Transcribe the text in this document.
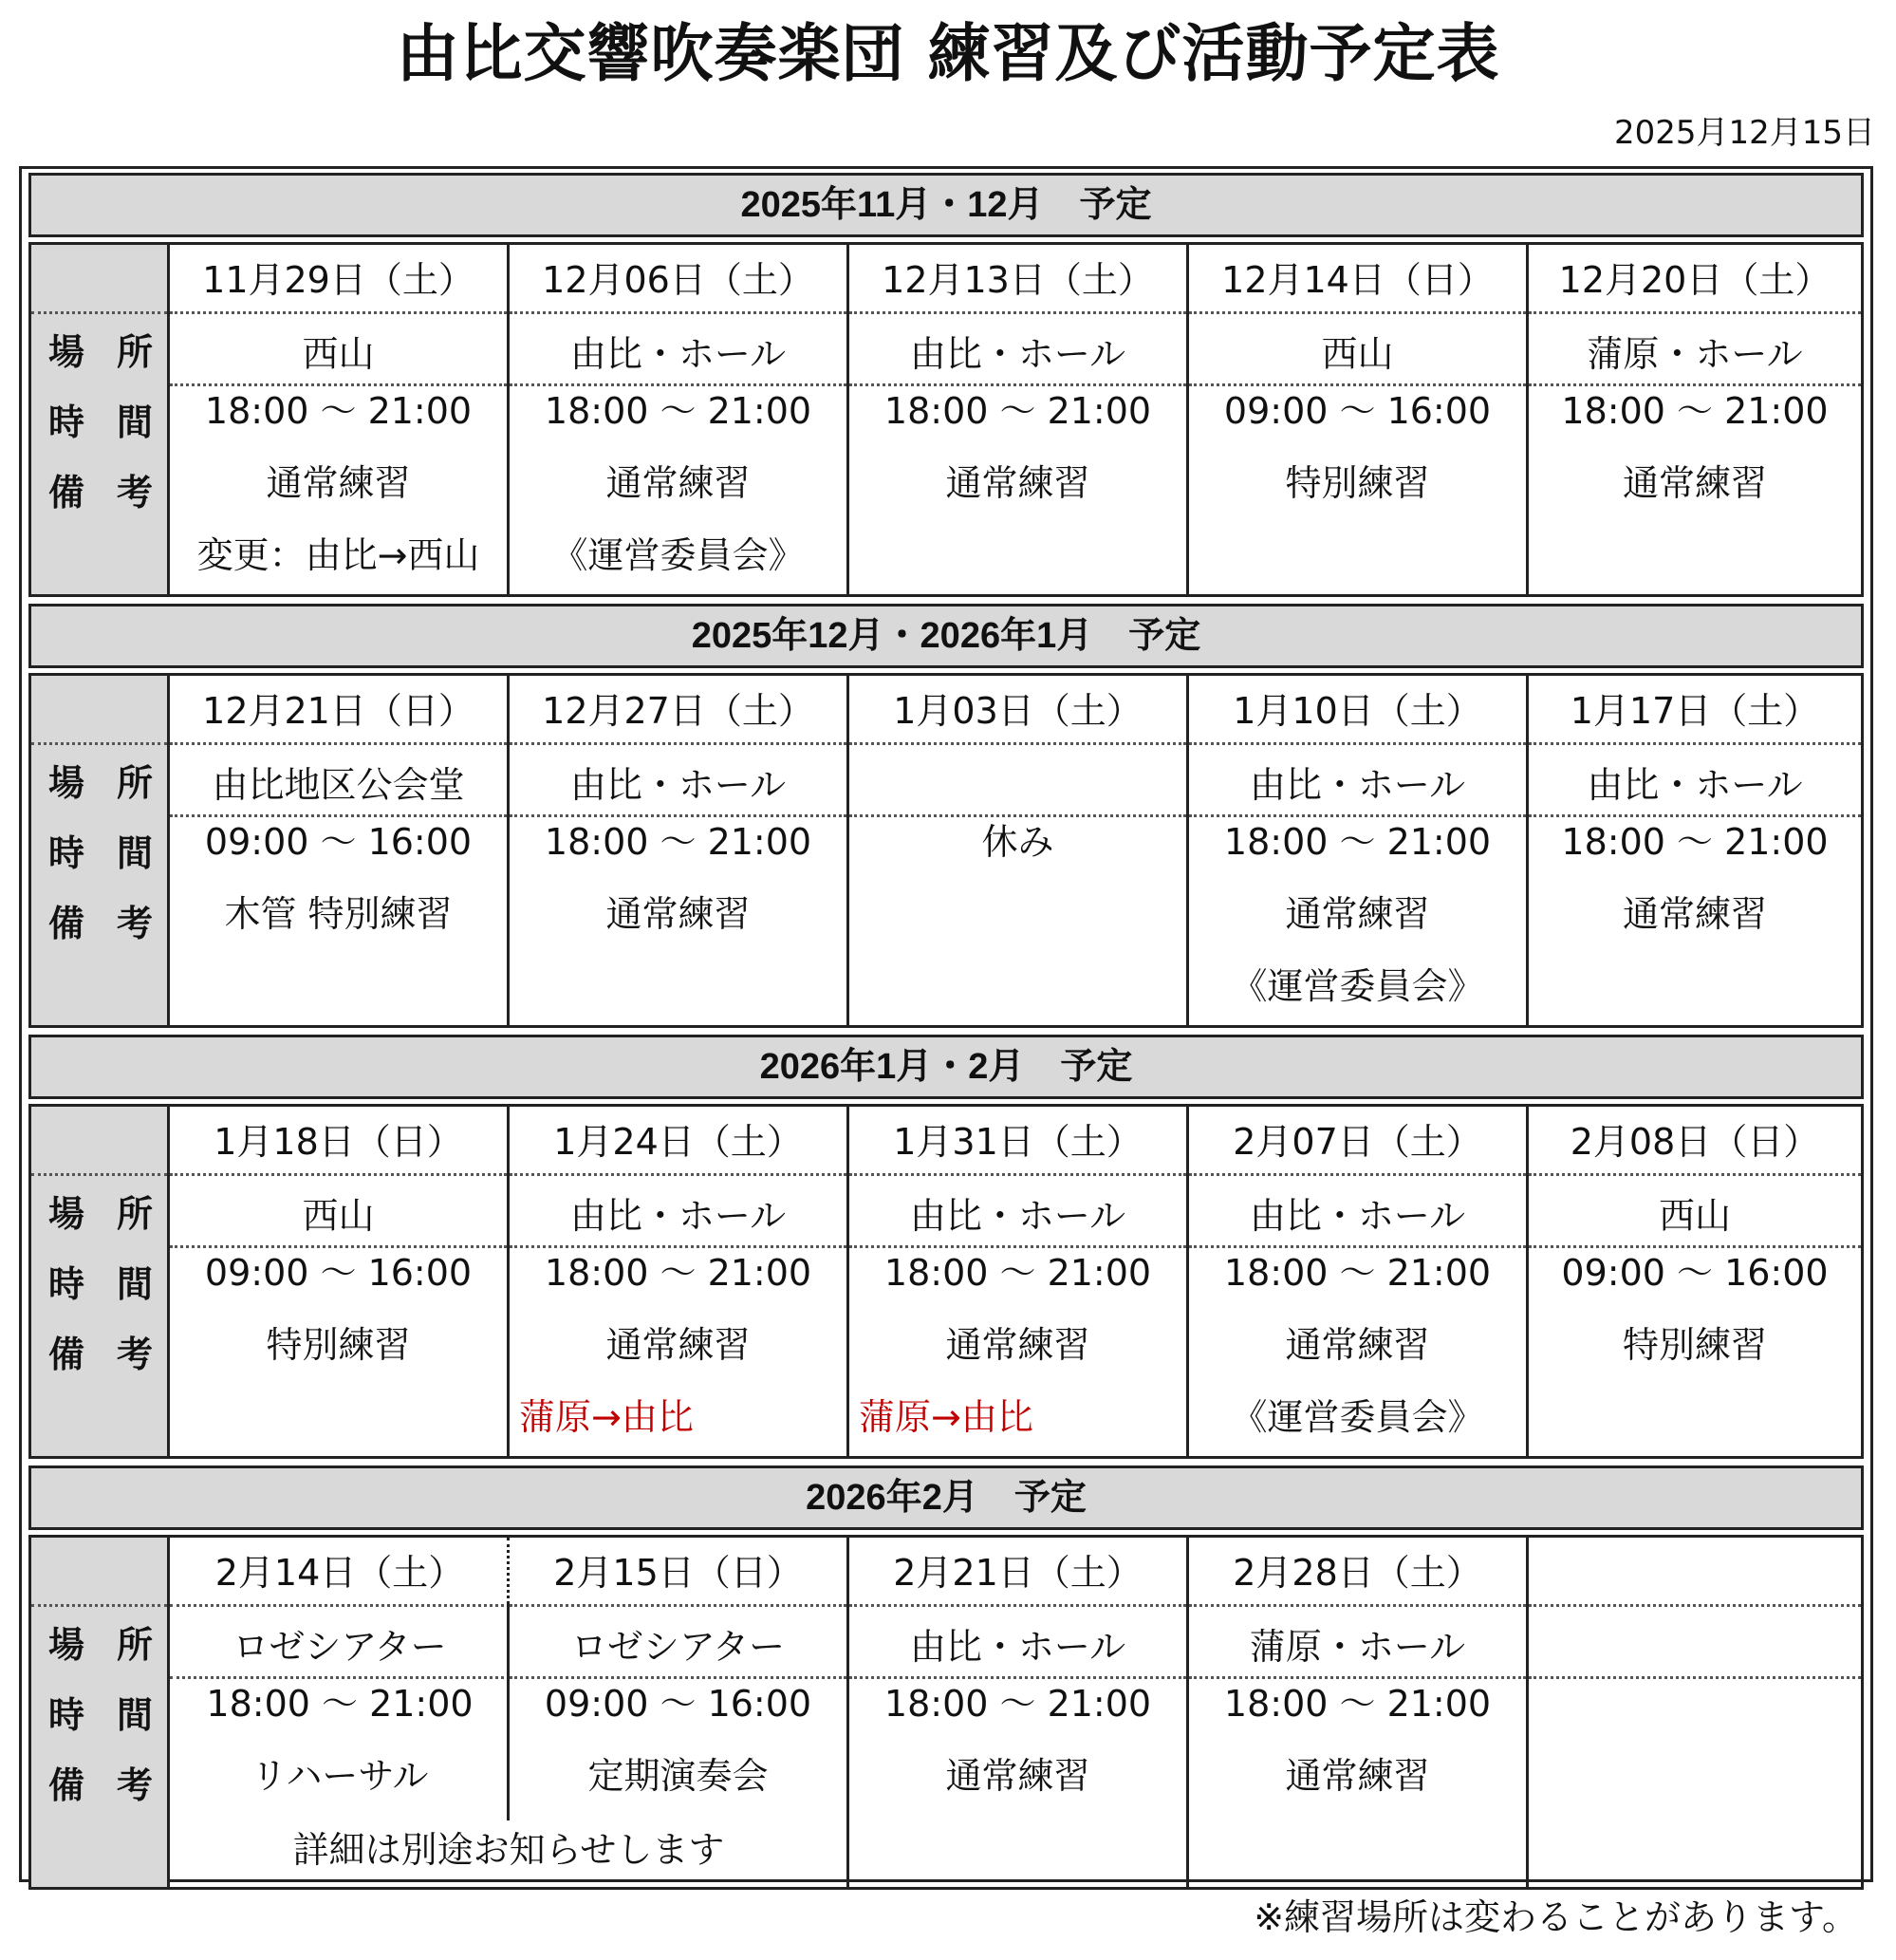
由比交響吹奏楽団 練習及び活動予定表
2025月12月15日
2025年11月・12月　予定
場 所
時 間
備 考
11月29日（土）
西山
18:00 ～ 21:00
通常練習
変更：由比→西山
12月06日（土）
由比・ホール
18:00 ～ 21:00
通常練習
《運営委員会》
12月13日（土）
由比・ホール
18:00 ～ 21:00
通常練習
12月14日（日）
西山
09:00 ～ 16:00
特別練習
12月20日（土）
蒲原・ホール
18:00 ～ 21:00
通常練習
2025年12月・2026年1月　予定
場 所
時 間
備 考
12月21日（日）
由比地区公会堂
09:00 ～ 16:00
木管 特別練習
12月27日（土）
由比・ホール
18:00 ～ 21:00
通常練習
1月03日（土）
休み
1月10日（土）
由比・ホール
18:00 ～ 21:00
通常練習
《運営委員会》
1月17日（土）
由比・ホール
18:00 ～ 21:00
通常練習
2026年1月・2月　予定
場 所
時 間
備 考
1月18日（日）
西山
09:00 ～ 16:00
特別練習
1月24日（土）
由比・ホール
18:00 ～ 21:00
通常練習
蒲原→由比
1月31日（土）
由比・ホール
18:00 ～ 21:00
通常練習
蒲原→由比
2月07日（土）
由比・ホール
18:00 ～ 21:00
通常練習
《運営委員会》
2月08日（日）
西山
09:00 ～ 16:00
特別練習
2026年2月　予定
場 所
時 間
備 考
2月14日（土）
ロゼシアター
18:00 ～ 21:00
リハーサル
2月15日（日）
ロゼシアター
09:00 ～ 16:00
定期演奏会
詳細は別途お知らせします
2月21日（土）
由比・ホール
18:00 ～ 21:00
通常練習
2月28日（土）
蒲原・ホール
18:00 ～ 21:00
通常練習
※練習場所は変わることがあります。
